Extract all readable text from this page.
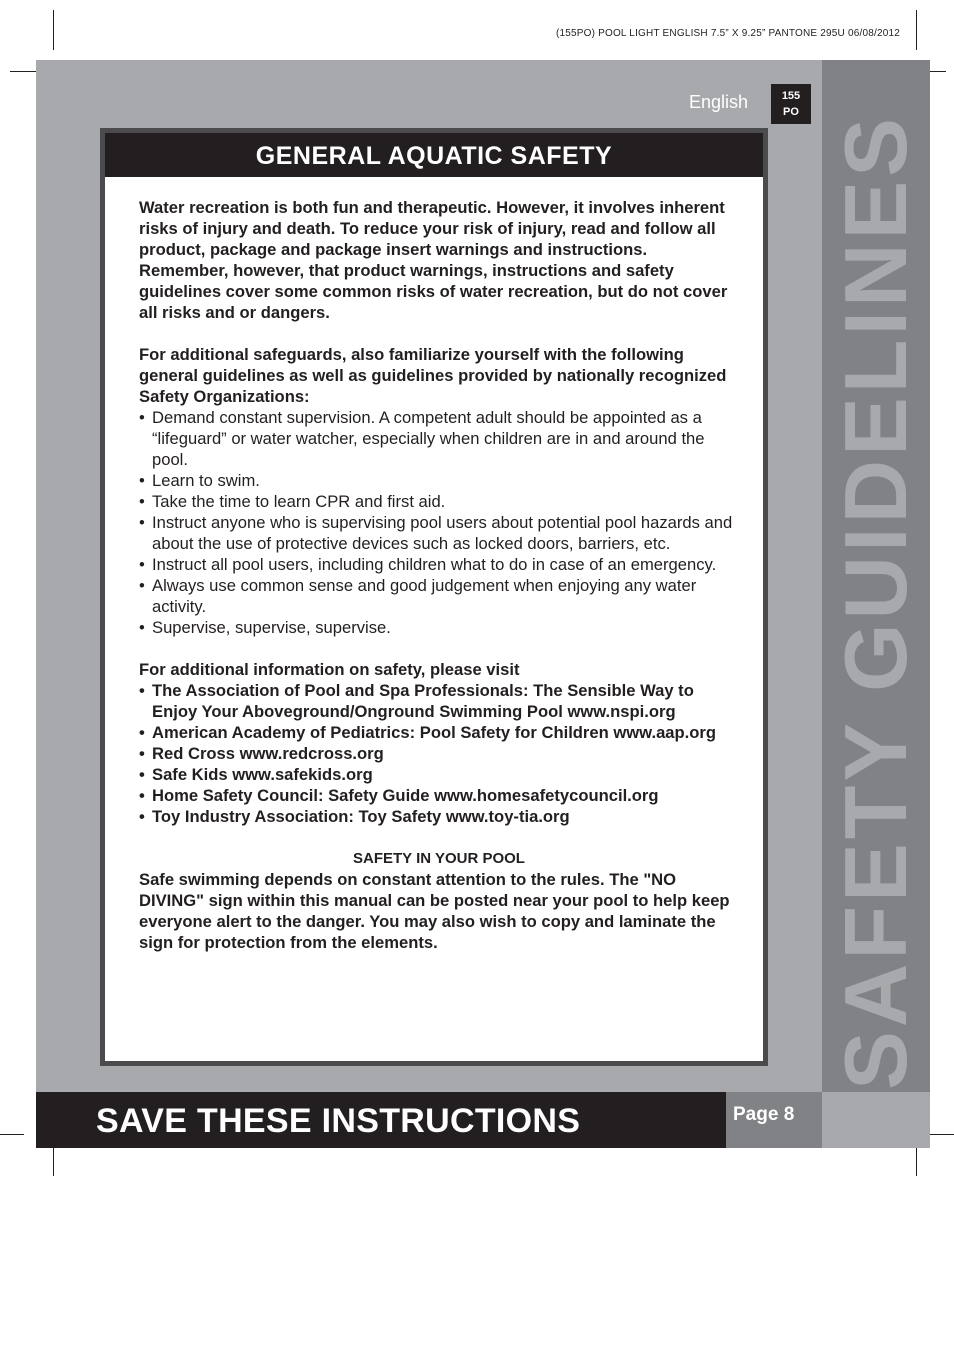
(155PO) POOL LIGHT ENGLISH 7.5” X 9.25” PANTONE 295U 06/08/2012
SAFETY GUIDELINES
English	155
PO
GENERAL AQUATIC SAFETY

Water recreation is both fun and therapeutic. However, it involves inherent risks of injury and death. To reduce your risk of injury, read and follow all product, package and package insert warnings and instructions. Remember, however, that product warnings, instructions and safety guidelines cover some common risks of water recreation, but do not cover all risks and or dangers.

For additional safeguards, also familiarize yourself with the following general guidelines as well as guidelines provided by nationally recognized Safety Organizations:

• Demand constant supervision. A competent adult should be appointed as a “lifeguard” or water watcher, especially when children are in and around the pool.
• Learn to swim.
• Take the time to learn CPR and first aid.
• Instruct anyone who is supervising pool users about potential pool hazards and about the use of protective devices such as locked doors, barriers, etc.
• Instruct all pool users, including children what to do in case of an emergency.
• Always use common sense and good judgement when enjoying any water activity.
• Supervise, supervise, supervise.

For additional information on safety, please visit

• The Association of Pool and Spa Professionals: The Sensible Way to Enjoy Your Aboveground/Onground Swimming Pool www.nspi.org
• American Academy of Pediatrics: Pool Safety for Children www.aap.org
• Red Cross www.redcross.org
• Safe Kids www.safekids.org
• Home Safety Council: Safety Guide www.homesafetycouncil.org
• Toy Industry Association: Toy Safety www.toy-tia.org

SAFETY IN YOUR POOL

Safe swimming depends on constant attention to the rules. The "NO DIVING" sign within this manual can be posted near your pool to help keep everyone alert to the danger. You may also wish to copy and laminate the sign for protection from the elements.

SAVE THESE INSTRUCTIONS	Page 8
